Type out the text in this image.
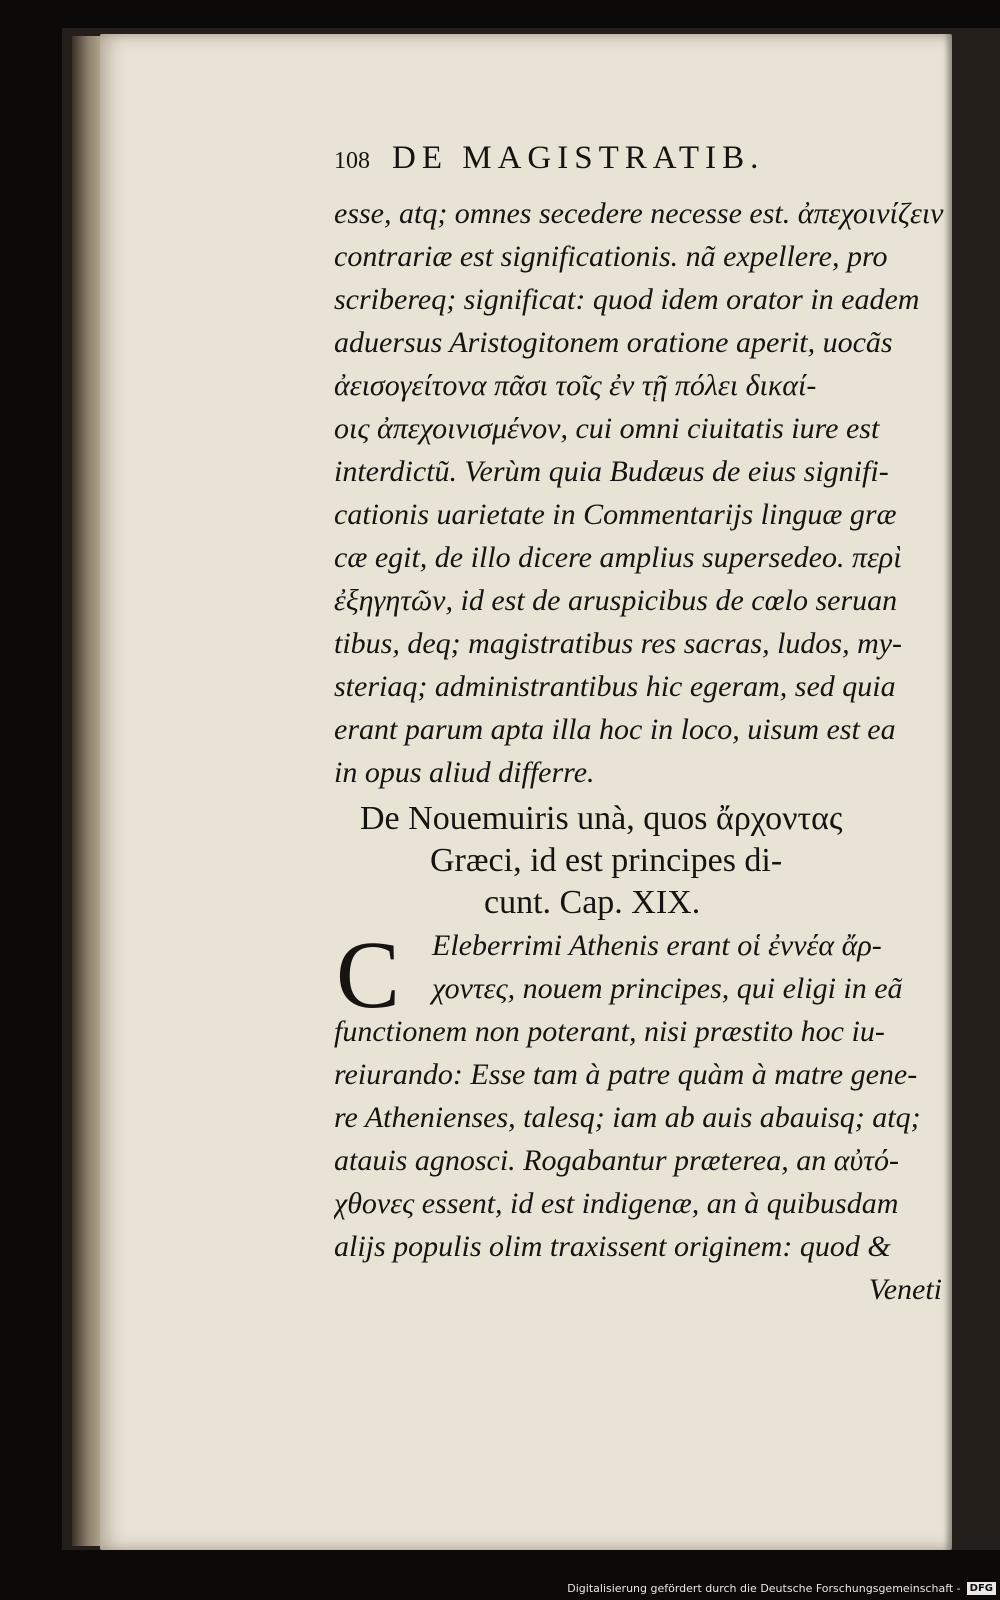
108 DE MAGISTRATIB.
esse, atq; omnes secedere necesse est. ἀπεχοινίζειν
contrariæ est significationis. nã expellere, pro
scribereq; significat: quod idem orator in eadem
aduersus Aristogitonem oratione aperit, uocãs
ἀεισογείτονα πᾶσι τοῖς ἐν τῇ πόλει δικαί-
οις ἀπεχοινισμένον, cui omni ciuitatis iure est
interdictũ. Verùm quia Budæus de eius signifi-
cationis uarietate in Commentarijs linguæ græ
cæ egit, de illo dicere amplius supersedeo. περὶ
ἐξηγητῶν, id est de aruspicibus de cœlo seruan
tibus, deq; magistratibus res sacras, ludos, my-
steriaq; administrantibus hic egeram, sed quia
erant parum apta illa hoc in loco, uisum est ea
in opus aliud differre.
De Nouemuiris unà, quos ἄρχοντας
Græci, id est principes di-
cunt. Cap. XIX.
C	Eleberrimi Athenis erant οἱ ἐννέα ἄρ-
χοντες, nouem principes, qui eligi in eã
functionem non poterant, nisi præstito hoc iu-
reiurando: Esse tam à patre quàm à matre gene-
re Athenienses, talesq; iam ab auis abauisq; atq;
atauis agnosci. Rogabantur præterea, an αὐτό-
χθονες essent, id est indigenæ, an à quibusdam
alijs populis olim traxissent originem: quod &
Veneti
Digitalisierung gefördert durch die Deutsche Forschungsgemeinschaft - DFG
